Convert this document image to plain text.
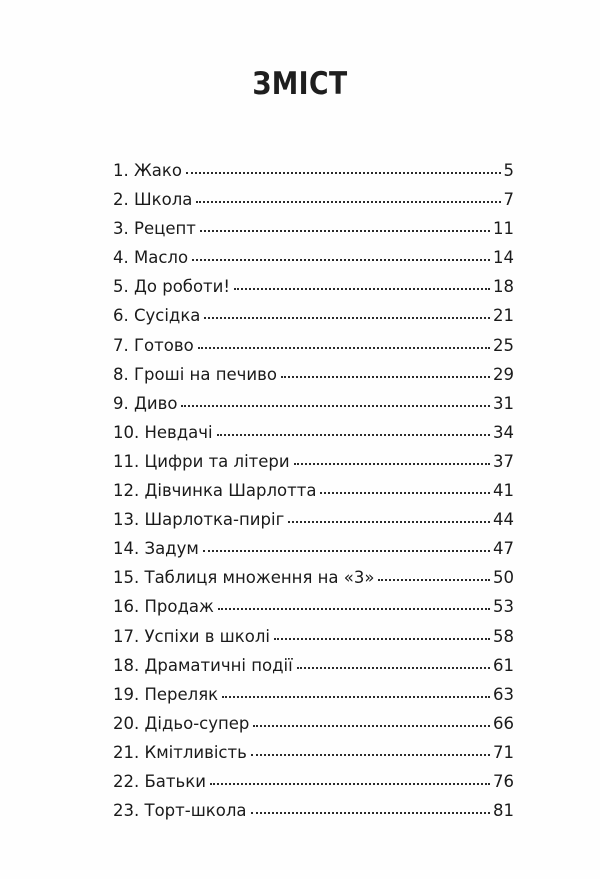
ЗМІСТ
1. Жако	5
2. Школа	7
3. Рецепт	11
4. Масло	14
5. До роботи!	18
6. Сусідка	21
7. Готово	25
8. Гроші на печиво	29
9. Диво	31
10. Невдачі	34
11. Цифри та літери	37
12. Дівчинка Шарлотта	41
13. Шарлотка-пиріг	44
14. Задум	47
15. Таблиця множення на «3»	50
16. Продаж	53
17. Успіхи в школі	58
18. Драматичні події	61
19. Переляк	63
20. Дідьо-супер	66
21. Кмітливість	71
22. Батьки	76
23. Торт-школа	81
